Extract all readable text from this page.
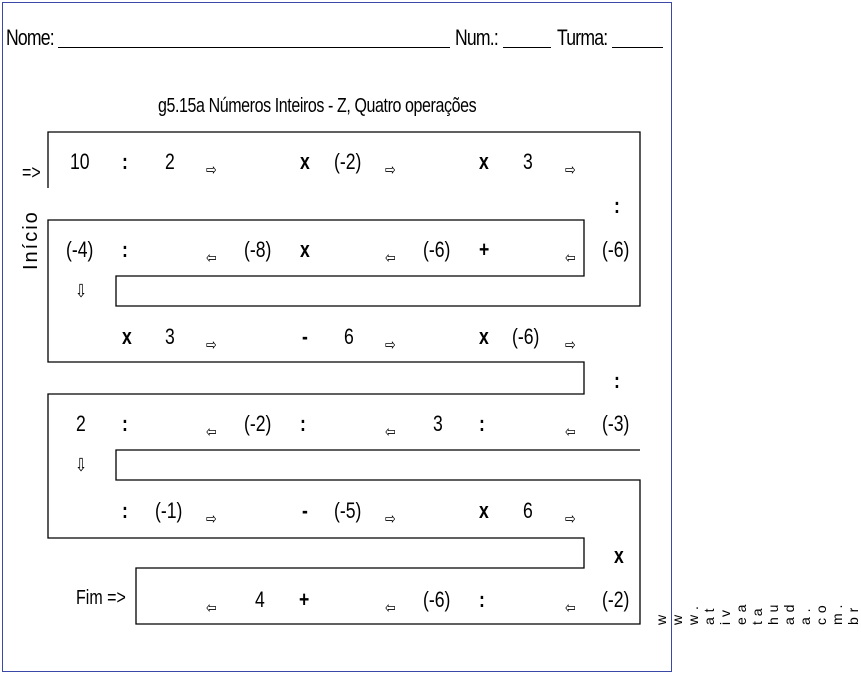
Nome:	Num.:	Turma:
g5.15a Números Inteiros - Z, Quatro operações
Início
w w w . a t i v e a t a h u a d a . c o m . b r
=>
Fim =>
10 : 2 ⇨	x (-2) ⇨	x 3 ⇨
:
(-4) :	⇦ (-8) x	⇦ (-6) +	⇦ (-6)
⇩
x 3 ⇨	- 6 ⇨	x (-6) ⇨
:
2 :	⇦ (-2) :	⇦ 3 :	⇦ (-3)
⇩
: (-1) ⇨	- (-5) ⇨	x 6 ⇨
x
⇦ 4 +	⇦ (-6) :	⇦ (-2)
